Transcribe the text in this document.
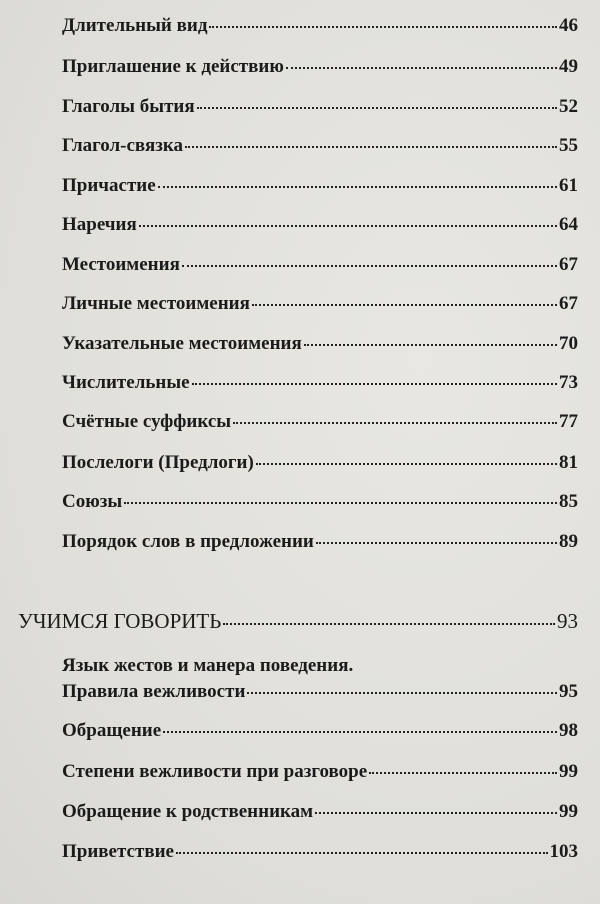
Длительный вид	46
Приглашение к действию	49
Глаголы бытия	52
Глагол-связка	55
Причастие	61
Наречия	64
Местоимения	67
Личные местоимения	67
Указательные местоимения	70
Числительные	73
Счётные суффиксы	77
Послелоги (Предлоги)	81
Союзы	85
Порядок слов в предложении	89
УЧИМСЯ ГОВОРИТЬ	93
Язык жестов и манера поведения.
Правила вежливости	95
Обращение	98
Степени вежливости при разговоре	99
Обращение к родственникам	99
Приветствие	103
